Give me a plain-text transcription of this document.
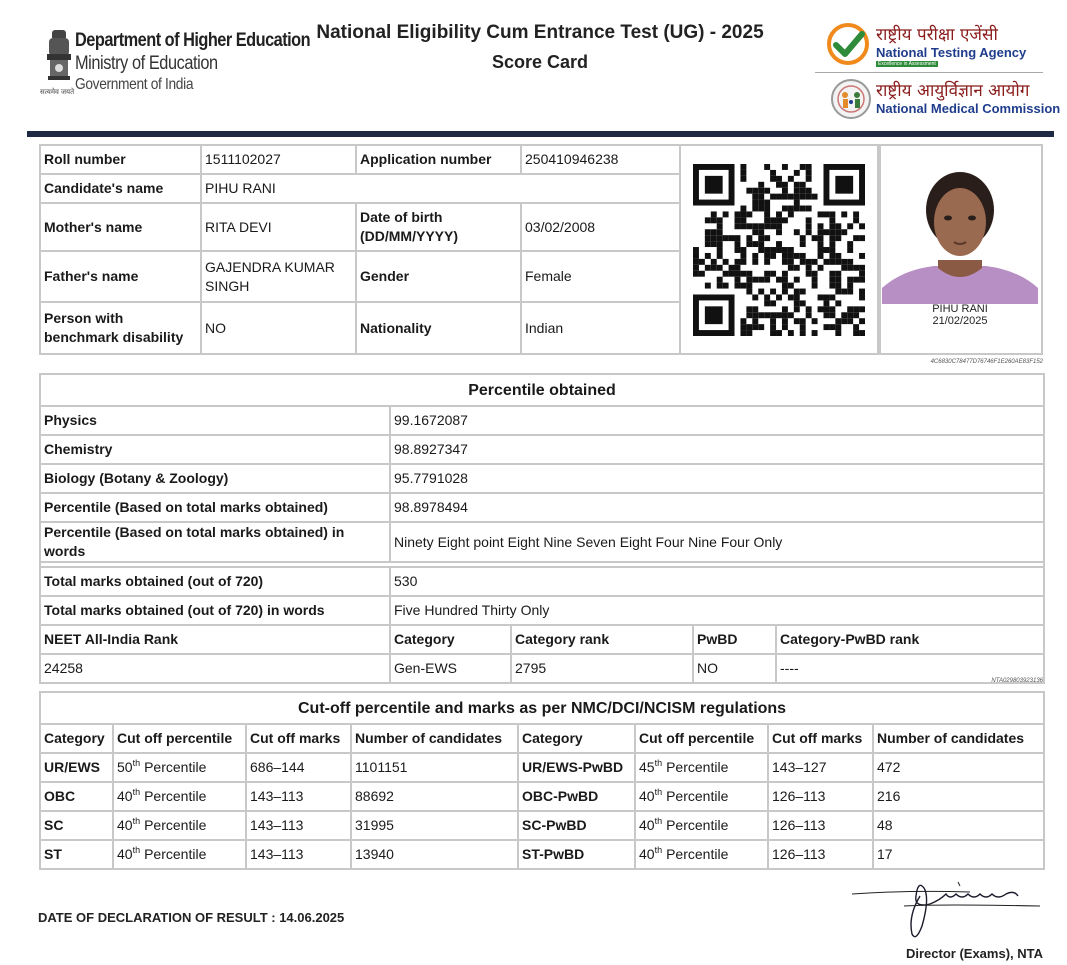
सत्यमेव जयते
Department of Higher Education
Ministry of Education
Government of India
National Eligibility Cum Entrance Test (UG) - 2025
Score Card
राष्ट्रीय परीक्षा एजेंसी
National Testing Agency
Excellence in Assessment
राष्ट्रीय आयुर्विज्ञान आयोग
National Medical Commission
Roll number	1511102027	Application number	250410946238
Candidate's name	PIHU RANI		
Mother's name	RITA DEVI	Date of birth (DD/MM/YYYY)	03/02/2008
Father's name	GAJENDRA KUMAR SINGH	Gender	Female
Person with benchmark disability	NO	Nationality	Indian
PIHU RANI
21/02/2025
4C6830C78477D76746F1E260AE83F152
Percentile obtained				
Physics	99.1672087			
Chemistry	98.8927347			
Biology (Botany & Zoology)	95.7791028			
Percentile (Based on total marks obtained)	98.8978494			
Percentile (Based on total marks obtained) in words	Ninety Eight point Eight Nine Seven Eight Four Nine Four Only			

Total marks obtained (out of 720)	530			
Total marks obtained (out of 720) in words	Five Hundred Thirty Only			
NEET All-India Rank	Category	Category rank	PwBD	Category-PwBD rank
24258	Gen-EWS	2795	NO	----
NTA029803923136
Cut-off percentile and marks as per NMC/DCI/NCISM regulations							
Category	Cut off percentile	Cut off marks	Number of candidates	Category	Cut off percentile	Cut off marks	Number of candidates
UR/EWS	50th Percentile	686–144	1101151	UR/EWS-PwBD	45th Percentile	143–127	472
OBC	40th Percentile	143–113	88692	OBC-PwBD	40th Percentile	126–113	216
SC	40th Percentile	143–113	31995	SC-PwBD	40th Percentile	126–113	48
ST	40th Percentile	143–113	13940	ST-PwBD	40th Percentile	126–113	17
DATE OF DECLARATION OF RESULT : 14.06.2025
Director (Exams), NTA
